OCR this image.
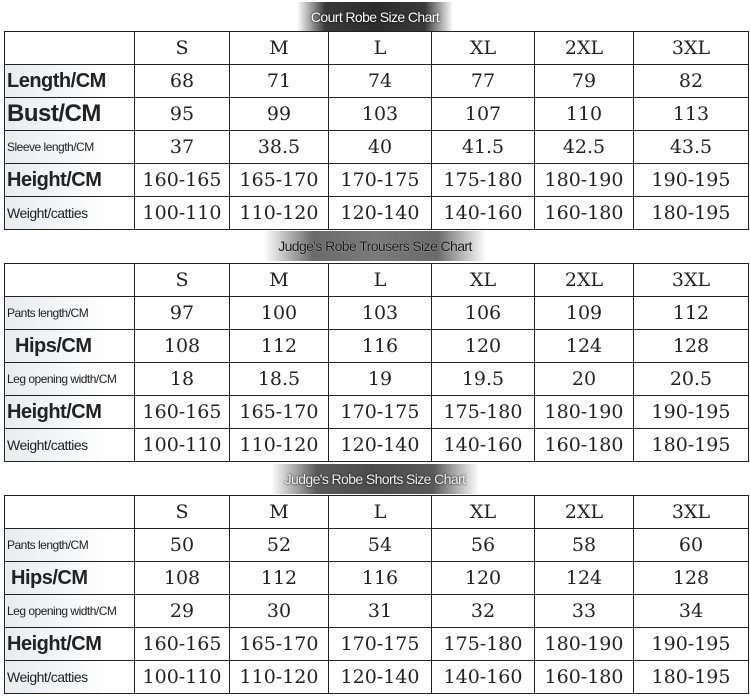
Court Robe Size Chart
	S	M	L	XL	2XL	3XL
Length/CM	68	71	74	77	79	82
Bust/CM	95	99	103	107	110	113
Sleeve length/CM	37	38.5	40	41.5	42.5	43.5
Height/CM	160-165	165-170	170-175	175-180	180-190	190-195
Weight/catties	100-110	110-120	120-140	140-160	160-180	180-195
Judge's Robe Trousers Size Chart
	S	M	L	XL	2XL	3XL
Pants length/CM	97	100	103	106	109	112
Hips/CM	108	112	116	120	124	128
Leg opening width/CM	18	18.5	19	19.5	20	20.5
Height/CM	160-165	165-170	170-175	175-180	180-190	190-195
Weight/catties	100-110	110-120	120-140	140-160	160-180	180-195
Judge's Robe Shorts Size Chart
	S	M	L	XL	2XL	3XL
Pants length/CM	50	52	54	56	58	60
Hips/CM	108	112	116	120	124	128
Leg opening width/CM	29	30	31	32	33	34
Height/CM	160-165	165-170	170-175	175-180	180-190	190-195
Weight/catties	100-110	110-120	120-140	140-160	160-180	180-195
